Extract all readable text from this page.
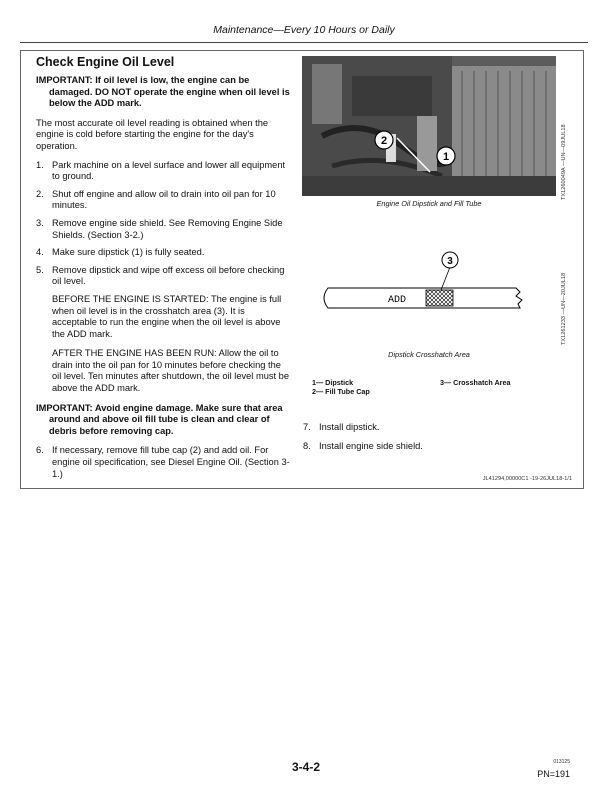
Maintenance—Every 10 Hours or Daily
Check Engine Oil Level
IMPORTANT: If oil level is low, the engine can be damaged. DO NOT operate the engine when oil level is below the ADD mark.
The most accurate oil level reading is obtained when the engine is cold before starting the engine for the day's operation.
1. Park machine on a level surface and lower all equipment to ground.
2. Shut off engine and allow oil to drain into oil pan for 10 minutes.
3. Remove engine side shield. See Removing Engine Side Shields. (Section 3-2.)
4. Make sure dipstick (1) is fully seated.
5. Remove dipstick and wipe off excess oil before checking oil level.
BEFORE THE ENGINE IS STARTED: The engine is full when oil level is in the crosshatch area (3). It is acceptable to run the engine when the oil level is above the ADD mark.
AFTER THE ENGINE HAS BEEN RUN: Allow the oil to drain into the oil pan for 10 minutes before checking the oil level. Ten minutes after shutdown, the oil level must be above the ADD mark.
IMPORTANT: Avoid engine damage. Make sure that area around and above oil fill tube is clean and clear of debris before removing cap.
6. If necessary, remove fill tube cap (2) and add oil. For engine oil specification, see Diesel Engine Oil. (Section 3-1.)
2
1
Engine Oil Dipstick and Fill Tube
TX1260049A —UN—09JUL18
ADD
3
Dipstick Crosshatch Area
TX1261233 —UN—20JUL18
1— Dipstick
2— Fill Tube Cap
3— Crosshatch Area
7. Install dipstick.
8. Install engine side shield.
JL41294,00000C1 -19-26JUL18-1/1
3-4-2	013125
PN=191
